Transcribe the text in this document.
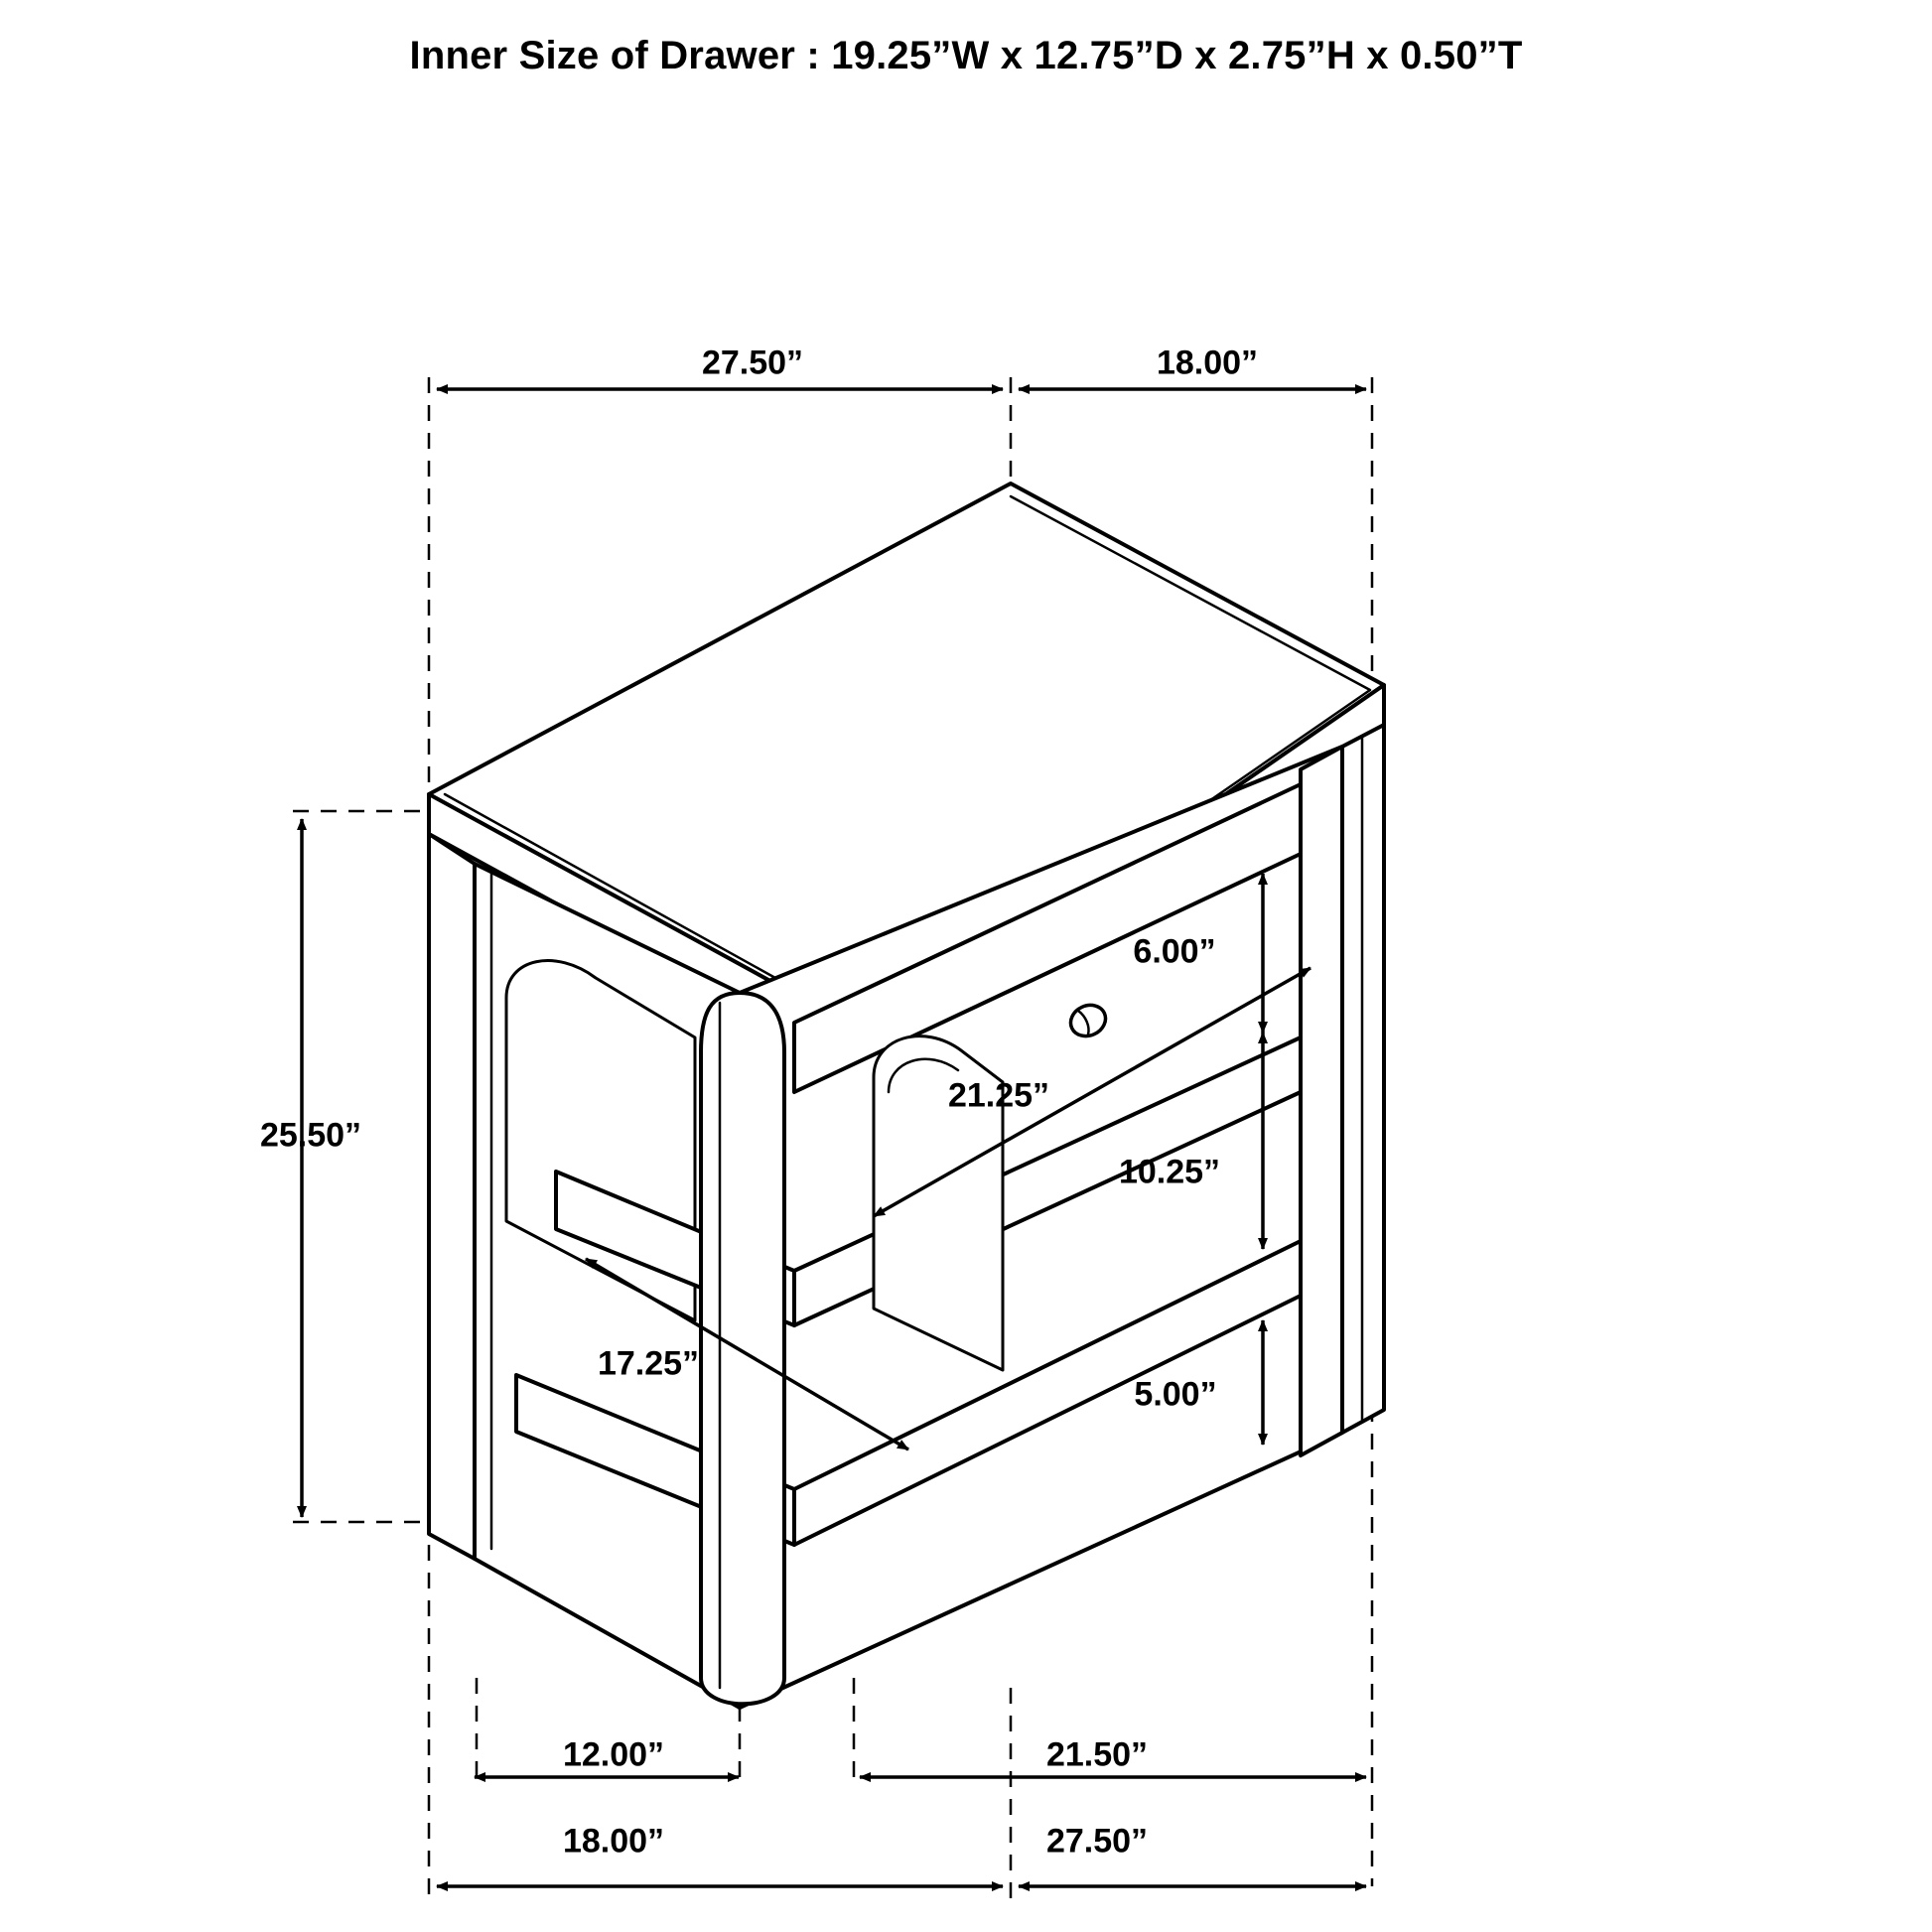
Inner Size of Drawer : 19.25”W x 12.75”D x 2.75”H x 0.50”T
27.50”	18.00”
25.50”
6.00”
21.25”
10.25”
17.25”
5.00”
12.00”	21.50”
18.00”	27.50”
